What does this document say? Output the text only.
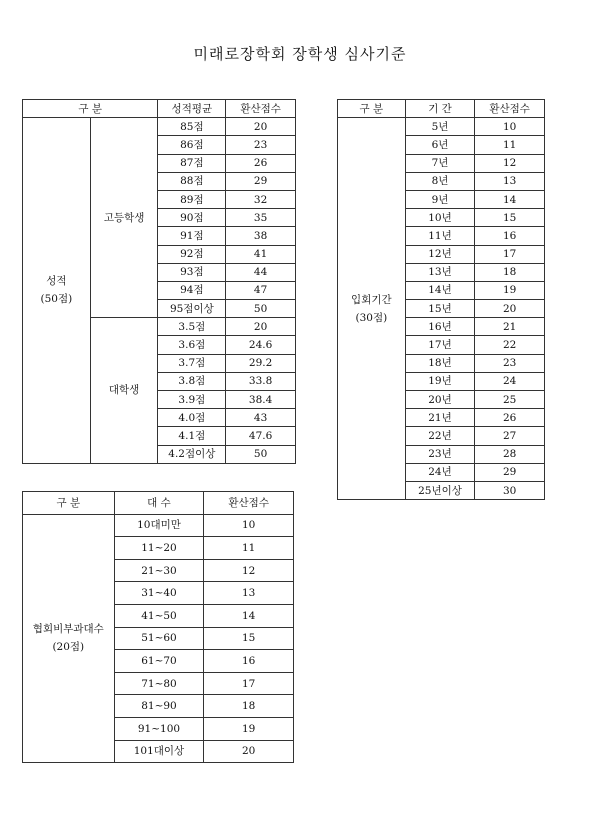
미래로장학회 장학생 심사기준
구 분		성적평균	환산점수

성적
(50점)	고등학생	85점	20
		86점	23
		87점	26
		88점	29
		89점	32
		90점	35
		91점	38
		92점	41
		93점	44
		94점	47
		95점이상	50
	대학생	3.5점	20
		3.6점	24.6
		3.7점	29.2
		3.8점	33.8
		3.9점	38.4
		4.0점	43
		4.1점	47.6
		4.2점이상	50
구 분	기 간	환산점수

입회기간
(30점)	5년	10
	6년	11
	7년	12
	8년	13
	9년	14
	10년	15
	11년	16
	12년	17
	13년	18
	14년	19
	15년	20
	16년	21
	17년	22
	18년	23
	19년	24
	20년	25
	21년	26
	22년	27
	23년	28
	24년	29
	25년이상	30
구 분	대 수	환산점수

협회비부과대수
(20점)	10대미만	10
	11~20	11
	21~30	12
	31~40	13
	41~50	14
	51~60	15
	61~70	16
	71~80	17
	81~90	18
	91~100	19
	101대이상	20
